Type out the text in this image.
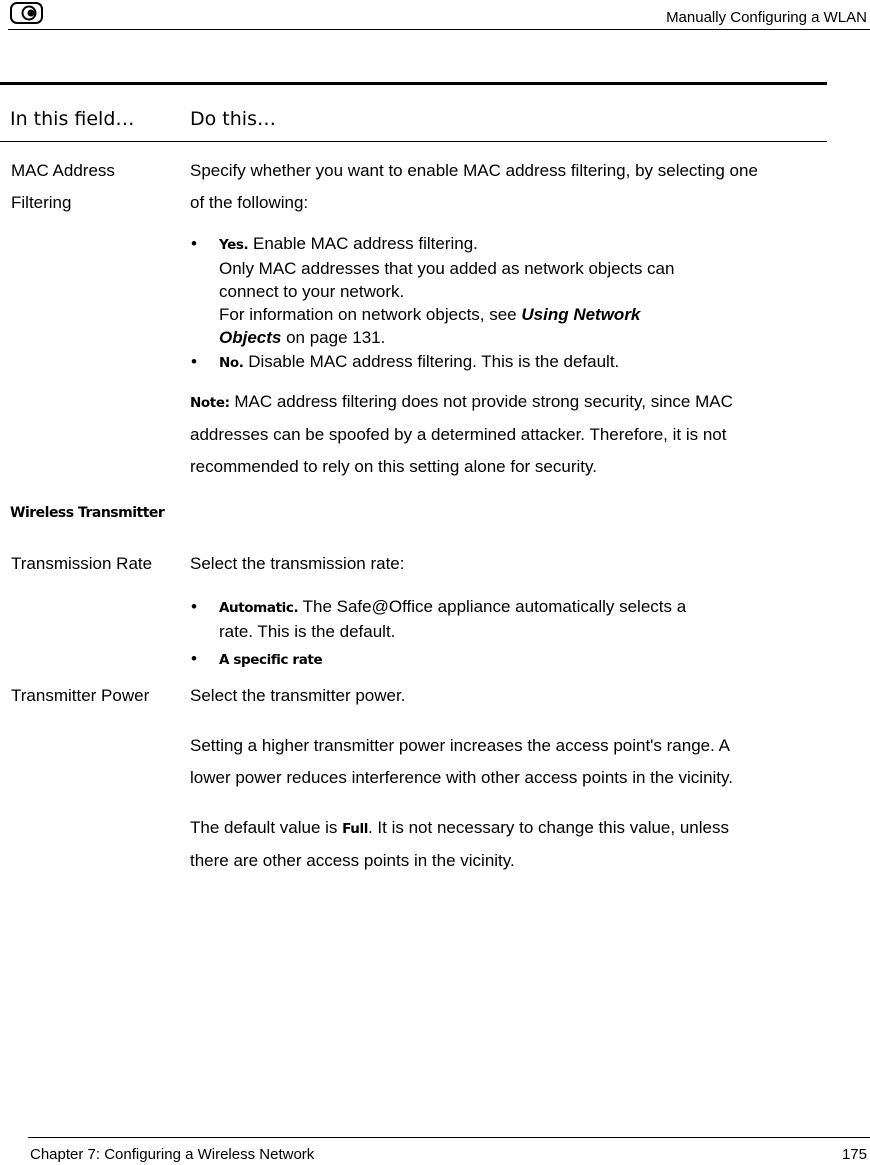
Manually Configuring a WLAN
In this field…	Do this…
MAC Address
Filtering
Specify whether you want to enable MAC address filtering, by selecting one
of the following:
• Yes. Enable MAC address filtering.
Only MAC addresses that you added as network objects can
connect to your network.
For information on network objects, see Using Network
Objects on page 131.
• No. Disable MAC address filtering. This is the default.
Note: MAC address filtering does not provide strong security, since MAC
addresses can be spoofed by a determined attacker. Therefore, it is not
recommended to rely on this setting alone for security.
Wireless Transmitter
Transmission Rate Select the transmission rate:
• Automatic. The Safe@Office appliance automatically selects a
rate. This is the default.
• A specific rate
Transmitter Power Select the transmitter power.
Setting a higher transmitter power increases the access point's range. A
lower power reduces interference with other access points in the vicinity.
The default value is Full. It is not necessary to change this value, unless
there are other access points in the vicinity.
Chapter 7: Configuring a Wireless Network	175
